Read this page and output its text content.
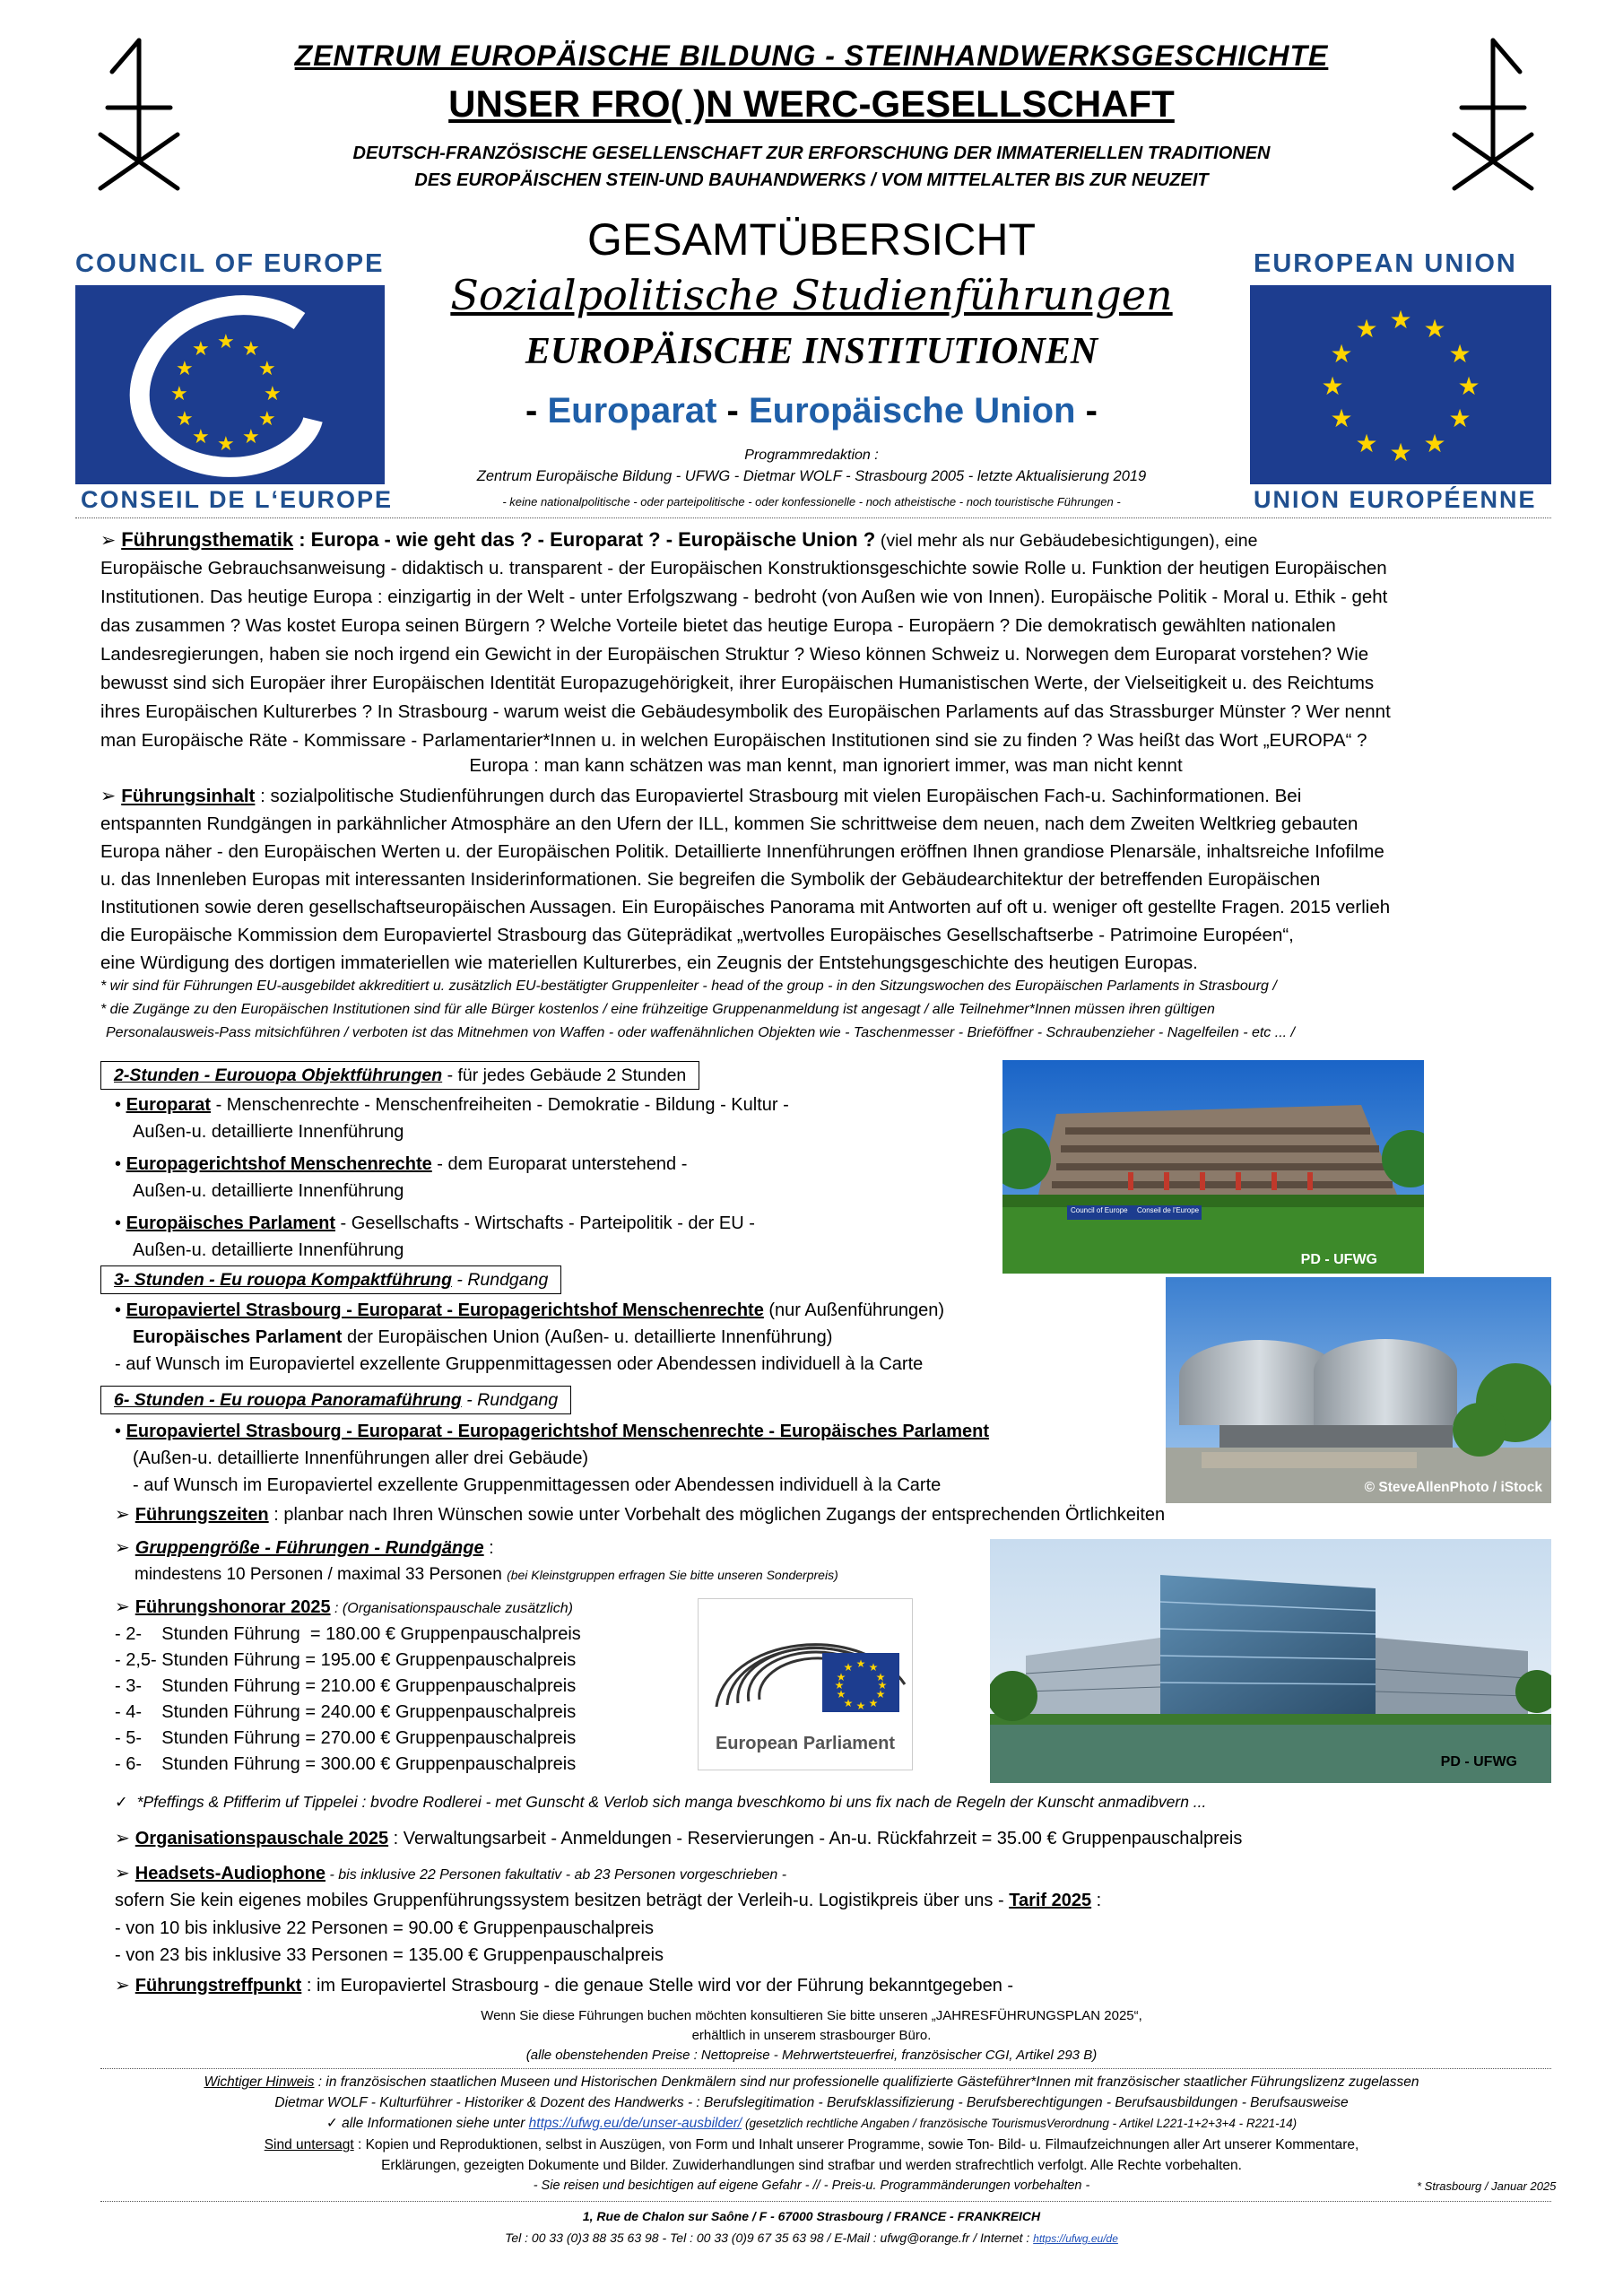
ZENTRUM EUROPÄISCHE BILDUNG - STEINHANDWERKSGESCHICHTE
UNSER FRO( )N WERC-GESELLSCHAFT
DEUTSCH-FRANZÖSISCHE GESELLENSCHAFT ZUR ERFORSCHUNG DER IMMATERIELLEN TRADITIONEN
DES EUROPÄISCHEN STEIN-UND BAUHANDWERKS / VOM MITTELALTER BIS ZUR NEUZEIT
GESAMTÜBERSICHT
Sozialpolitische Studienführungen
EUROPÄISCHE INSTITUTIONEN
- Europarat - Europäische Union -
Programmredaktion :
Zentrum Europäische Bildung - UFWG - Dietmar WOLF - Strasbourg 2005 - letzte Aktualisierung 2019
- keine nationalpolitische - oder parteipolitische - oder konfessionelle - noch atheistische - noch touristische Führungen -
COUNCIL OF EUROPE
★ ★
★
★
★
★
★
★
★
★
★
★
CONSEIL DE L‘EUROPE
EUROPEAN UNION
★ ★
★
★
★
★
★
★
★
★
★
★
UNION EUROPÉENNE
➢ Führungsthematik : Europa - wie geht das ? - Europarat ? - Europäische Union ? (viel mehr als nur Gebäudebesichtigungen), eine
Europäische Gebrauchsanweisung - didaktisch u. transparent - der Europäischen Konstruktionsgeschichte sowie Rolle u. Funktion der heutigen Europäischen
Institutionen. Das heutige Europa : einzigartig in der Welt - unter Erfolgszwang - bedroht (von Außen wie von Innen). Europäische Politik - Moral u. Ethik - geht
das zusammen ? Was kostet Europa seinen Bürgern ? Welche Vorteile bietet das heutige Europa - Europäern ? Die demokratisch gewählten nationalen
Landesregierungen, haben sie noch irgend ein Gewicht in der Europäischen Struktur ? Wieso können Schweiz u. Norwegen dem Europarat vorstehen? Wie
bewusst sind sich Europäer ihrer Europäischen Identität Europazugehörigkeit, ihrer Europäischen Humanistischen Werte, der Vielseitigkeit u. des Reichtums
ihres Europäischen Kulturerbes ? In Strasbourg - warum weist die Gebäudesymbolik des Europäischen Parlaments auf das Strassburger Münster ? Wer nennt
man Europäische Räte - Kommissare - Parlamentarier*Innen u. in welchen Europäischen Institutionen sind sie zu finden ? Was heißt das Wort „EUROPA“ ?
Europa : man kann schätzen was man kennt, man ignoriert immer, was man nicht kennt
➢ Führungsinhalt : sozialpolitische Studienführungen durch das Europaviertel Strasbourg mit vielen Europäischen Fach-u. Sachinformationen. Bei
entspannten Rundgängen in parkähnlicher Atmosphäre an den Ufern der ILL, kommen Sie schrittweise dem neuen, nach dem Zweiten Weltkrieg gebauten
Europa näher - den Europäischen Werten u. der Europäischen Politik. Detaillierte Innenführungen eröffnen Ihnen grandiose Plenarsäle, inhaltsreiche Infofilme
u. das Innenleben Europas mit interessanten Insiderinformationen. Sie begreifen die Symbolik der Gebäudearchitektur der betreffenden Europäischen
Institutionen sowie deren gesellschaftseuropäischen Aussagen. Ein Europäisches Panorama mit Antworten auf oft u. weniger oft gestellte Fragen. 2015 verlieh
die Europäische Kommission dem Europaviertel Strasbourg das Gütepräd​ikat „wertvolles Europäisches Gesellschaftserbe - Patrimoine Européen“,
eine Würdigung des dortigen immateriellen wie materiellen Kulturerbes, ein Zeugnis der Entstehungsgeschichte des heutigen Europas.
* wir sind für Führungen EU-ausgebildet akkreditiert u. zusätzlich EU-bestätigter Gruppenleiter - head of the group - in den Sitzungswochen des Europäischen Parlaments in Strasbourg /
* die Zugänge zu den Europäischen Institutionen sind für alle Bürger kostenlos / eine frühzeitige Gruppenanmeldung ist angesagt / alle Teilnehmer*Innen müssen ihren gültigen
Personalausweis-Pass mitsichführen / verboten ist das Mitnehmen von Waffen - oder waffenähnlichen Objekten wie - Taschenmesser - Brieföffner - Schraubenzieher - Nagelfeilen - etc ... /
2-Stunden - Eurouopa Objektführungen - für jedes Gebäude 2 Stunden
• Europarat - Menschenrechte - Menschenfreiheiten - Demokratie - Bildung - Kultur -
Außen-u. detaillierte Innenführung
• Europagerichtshof Menschenrechte - dem Europarat unterstehend -
Außen-u. detaillierte Innenführung
• Europäisches Parlament - Gesellschafts - Wirtschafts - Parteipolitik - der EU -
Außen-u. detaillierte Innenführung
3- Stunden - Eu rouopa Kompaktführung - Rundgang
• Europaviertel Strasbourg - Europarat - Europagerichtshof Menschenrechte (nur Außenführungen)
Europäisches Parlament der Europäischen Union (Außen- u. detaillierte Innenführung)
- auf Wunsch im Europaviertel exzellente Gruppenmittagessen oder Abendessen individuell à la Carte
6- Stunden - Eu rouopa Panoramaführung - Rundgang
• Europaviertel Strasbourg - Europarat - Europagerichtshof Menschenrechte - Europäisches Parlament
(Außen-u. detaillierte Innenführungen aller drei Gebäude)
- auf Wunsch im Europaviertel exzellente Gruppenmittagessen oder Abendessen individuell à la Carte
➢ Führungszeiten : planbar nach Ihren Wünschen sowie unter Vorbehalt des möglichen Zugangs der entsprechenden Örtlichkeiten
➢ Gruppengröße - Führungen - Rundgänge :
mindestens 10 Personen / maximal 33 Personen (bei Kleinstgruppen erfragen Sie bitte unseren Sonderpreis)
➢ Führungshonorar 2025 : (Organisationspauschale zusätzlich)
- 2-    Stunden Führung  = 180.00 € Gruppenpauschalpreis
- 2,5- Stunden Führung = 195.00 € Gruppenpauschalpreis
- 3-    Stunden Führung = 210.00 € Gruppenpauschalpreis
- 4-    Stunden Führung = 240.00 € Gruppenpauschalpreis
- 5-    Stunden Führung = 270.00 € Gruppenpauschalpreis
- 6-    Stunden Führung = 300.00 € Gruppenpauschalpreis
✓ *Pfeffings & Pfifferim uf Tippelei : bvodre Rodlerei - met Gunscht & Verlob sich manga bveschkomo bi uns fix nach de Regeln der Kunscht anmadibvern ...
➢ Organisationspauschale 2025 : Verwaltungsarbeit - Anmeldungen - Reservierungen - An-u. Rückfahrzeit = 35.00 € Gruppenpauschalpreis
➢ Headsets-Audiophone - bis inklusive 22 Personen fakultativ - ab 23 Personen vorgeschrieben -
sofern Sie kein eigenes mobiles Gruppenführungssystem besitzen beträgt der Verleih-u. Logistikpreis über uns - Tarif 2025 :
- von 10 bis inklusive 22 Personen = 90.00 € Gruppenpauschalpreis
- von 23 bis inklusive 33 Personen = 135.00 € Gruppenpauschalpreis
➢ Führungstreffpunkt : im Europaviertel Strasbourg - die genaue Stelle wird vor der Führung bekanntgegeben -
Wenn Sie diese Führungen buchen möchten konsultieren Sie bitte unseren „JAHRESFÜHRUNGSPLAN 2025“,
erhältlich in unserem strasbourger Büro.
(alle obenstehenden Preise : Nettopreise - Mehrwertsteuerfrei, französischer CGI, Artikel 293 B)
Wichtiger Hinweis : in französischen staatlichen Museen und Historischen Denkmälern sind nur professionelle qualifizierte Gästeführer*Innen mit französischer staatlicher Führungslizenz zugelassen
Dietmar WOLF - Kulturführer - Historiker & Dozent des Handwerks - : Berufslegitimation - Berufsklassifizierung - Berufsberechtigungen - Berufsausbildungen - Berufsausweise
✓ alle Informationen siehe unter https://ufwg.eu/de/unser-ausbilder/ (gesetzlich rechtliche Angaben / französische TourismusVerordnung - Artikel L221-1+2+3+4 - R221-14)
Sind untersagt : Kopien und Reproduktionen, selbst in Auszügen, von Form und Inhalt unserer Programme, sowie Ton- Bild- u. Filmaufzeichnungen aller Art unserer Kommentare,
Erklärungen, gezeigten Dokumente und Bilder. Zuwiderhandlungen sind strafbar und werden strafrechtlich verfolgt. Alle Rechte vorbehalten.
- Sie reisen und besichtigen auf eigene Gefahr - // - Preis-u. Programmänderungen vorbehalten -	* Strasbourg / Januar 2025
1, Rue de Chalon sur Saône / F - 67000 Strasbourg / FRANCE - FRANKREICH
Tel : 00 33 (0)3 88 35 63 98 - Tel : 00 33 (0)9 67 35 63 98 / E-Mail : ufwg@orange.fr / Internet : https://ufwg.eu/de
Council of Europe Conseil de l'Europe
PD - UFWG
© SteveAllenPhoto / iStock
★ ★
★
★
★
★
★
★
★
★
★
★
European Parliament
PD - UFWG
